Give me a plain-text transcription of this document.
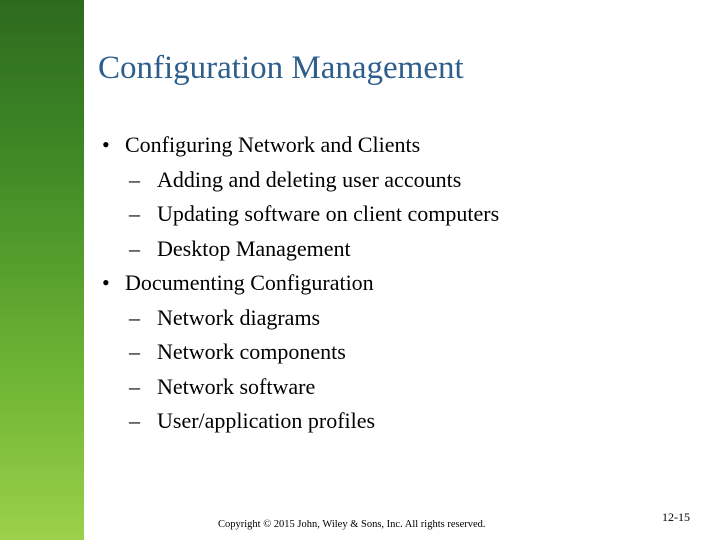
Configuration Management
• Configuring Network and Clients
– Adding and deleting user accounts
– Updating software on client computers
– Desktop Management
• Documenting Configuration
– Network diagrams
– Network components
– Network software
– User/application profiles
Copyright © 2015 John, Wiley & Sons, Inc. All rights reserved.
12-15
